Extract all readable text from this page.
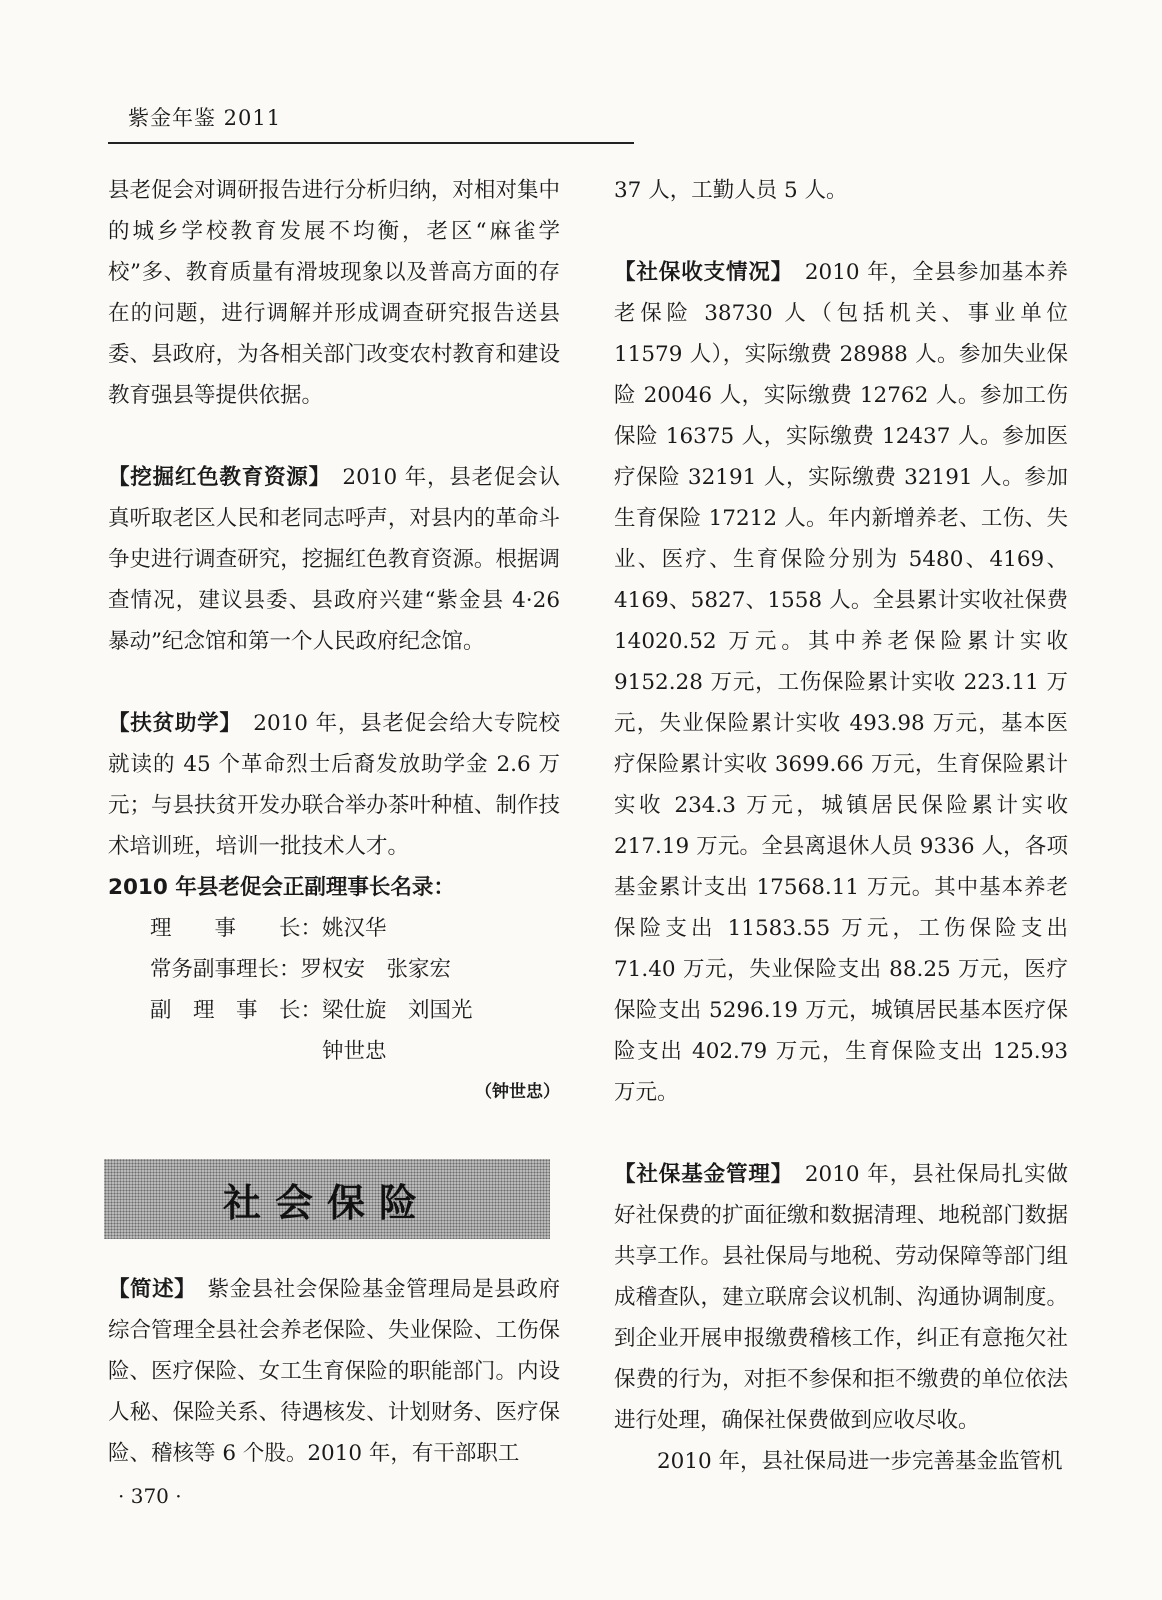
紫金年鉴 2011

县老促会对调研报告进行分析归纳，对相对集中的城乡学校教育发展不均衡，老区“麻雀学校”多、教育质量有滑坡现象以及普高方面的存在的问题，进行调解并形成调查研究报告送县委、县政府，为各相关部门改变农村教育和建设教育强县等提供依据。

【挖掘红色教育资源】　2010 年，县老促会认真听取老区人民和老同志呼声，对县内的革命斗争史进行调查研究，挖掘红色教育资源。根据调查情况，建议县委、县政府兴建“紫金县 4·26暴动”纪念馆和第一个人民政府纪念馆。

【扶贫助学】　2010 年，县老促会给大专院校就读的 45 个革命烈士后裔发放助学金 2.6 万元；与县扶贫开发办联合举办茶叶种植、制作技术培训班，培训一批技术人才。

2010 年县老促会正副理事长名录：

理　　事　　长：姚汉华

常务副事理长：罗权安　张家宏

副　理　事　长：梁仕旋　刘国光

钟世忠

（钟世忠）

社会保险

【简述】　紫金县社会保险基金管理局是县政府综合管理全县社会养老保险、失业保险、工伤保险、医疗保险、女工生育保险的职能部门。内设人秘、保险关系、待遇核发、计划财务、医疗保险、稽核等 6 个股。2010 年，有干部职工

37 人，工勤人员 5 人。

【社保收支情况】　2010 年，全县参加基本养老保险 38730 人（包括机关、事业单位 11579 人），实际缴费 28988 人。参加失业保险 20046 人，实际缴费 12762 人。参加工伤保险 16375 人，实际缴费 12437 人。参加医疗保险 32191 人，实际缴费 32191 人。参加生育保险 17212 人。年内新增养老、工伤、失业、医疗、生育保险分别为 5480、4169、4169、5827、1558 人。全县累计实收社保费 14020.52 万元。其中养老保险累计实收 9152.28 万元，工伤保险累计实收 223.11 万元，失业保险累计实收 493.98 万元，基本医疗保险累计实收 3699.66 万元，生育保险累计实收 234.3 万元，城镇居民保险累计实收 217.19 万元。全县离退休人员 9336 人，各项基金累计支出 17568.11 万元。其中基本养老保险支出 11583.55 万元，工伤保险支出 71.40 万元，失业保险支出 88.25 万元，医疗保险支出 5296.19 万元，城镇居民基本医疗保险支出 402.79 万元，生育保险支出 125.93 万元。

【社保基金管理】　2010 年，县社保局扎实做好社保费的扩面征缴和数据清理、地税部门数据共享工作。县社保局与地税、劳动保障等部门组成稽查队，建立联席会议机制、沟通协调制度。到企业开展申报缴费稽核工作，纠正有意拖欠社保费的行为，对拒不参保和拒不缴费的单位依法进行处理，确保社保费做到应收尽收。

2010 年，县社保局进一步完善基金监管机

· 370 ·
